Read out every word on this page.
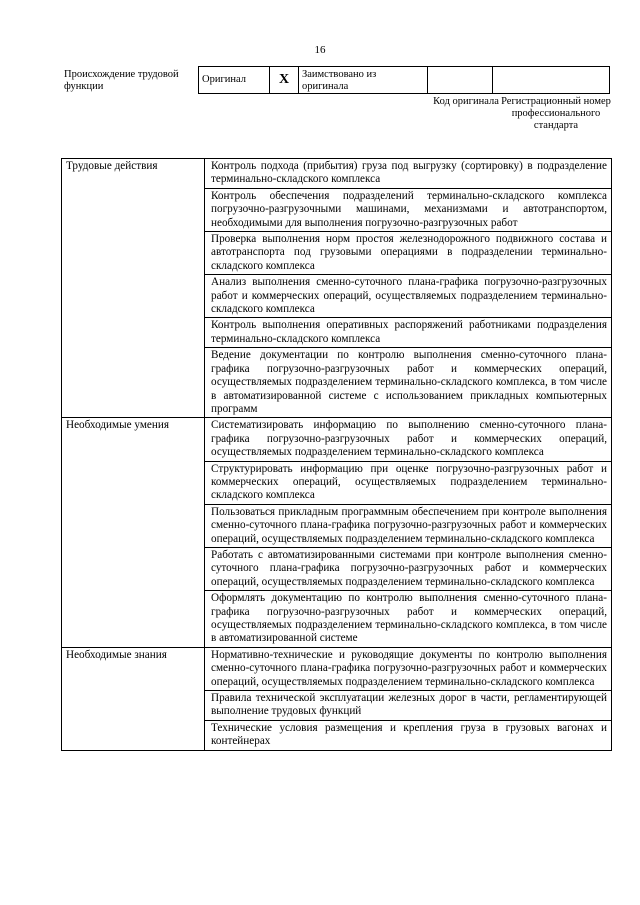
16
Происхождение трудовой функции
Оригинал	X	Заимствовано из оригинала		
Код оригинала Регистрационный номер профессионального стандарта
Трудовые действия	Контроль подхода (прибытия) груза под выгрузку (сортировку) в подразделение терминально-складского комплекса
	Контроль обеспечения подразделений терминально-складского комплекса погрузочно-разгрузочными машинами, механизмами и автотранспортом, необходимыми для выполнения погрузочно-разгрузочных работ
	Проверка выполнения норм простоя железнодорожного подвижного состава и автотранспорта под грузовыми операциями в подразделении терминально-складского комплекса
	Анализ выполнения сменно-суточного плана-графика погрузочно-разгрузочных работ и коммерческих операций, осуществляемых подразделением терминально-складского комплекса
	Контроль выполнения оперативных распоряжений работниками подразделения терминально-складского комплекса
	Ведение документации по контролю выполнения сменно-суточного плана-графика погрузочно-разгрузочных работ и коммерческих операций, осуществляемых подразделением терминально-складского комплекса, в том числе в автоматизированной системе с использованием прикладных компьютерных программ
Необходимые умения	Систематизировать информацию по выполнению сменно-суточного плана-графика погрузочно-разгрузочных работ и коммерческих операций, осуществляемых подразделением терминально-складского комплекса
	Структурировать информацию при оценке погрузочно-разгрузочных работ и коммерческих операций, осуществляемых подразделением терминально-складского комплекса
	Пользоваться прикладным программным обеспечением при контроле выполнения сменно-суточного плана-графика погрузочно-разгрузочных работ и коммерческих операций, осуществляемых подразделением терминально-складского комплекса
	Работать с автоматизированными системами при контроле выполнения сменно-суточного плана-графика погрузочно-разгрузочных работ и коммерческих операций, осуществляемых подразделением терминально-складского комплекса
	Оформлять документацию по контролю выполнения сменно-суточного плана-графика погрузочно-разгрузочных работ и коммерческих операций, осуществляемых подразделением терминально-складского комплекса, в том числе в автоматизированной системе
Необходимые знания	Нормативно-технические и руководящие документы по контролю выполнения сменно-суточного плана-графика погрузочно-разгрузочных работ и коммерческих операций, осуществляемых подразделением терминально-складского комплекса
	Правила технической эксплуатации железных дорог в части, регламентирующей выполнение трудовых функций
	Технические условия размещения и крепления груза в грузовых вагонах и контейнерах
